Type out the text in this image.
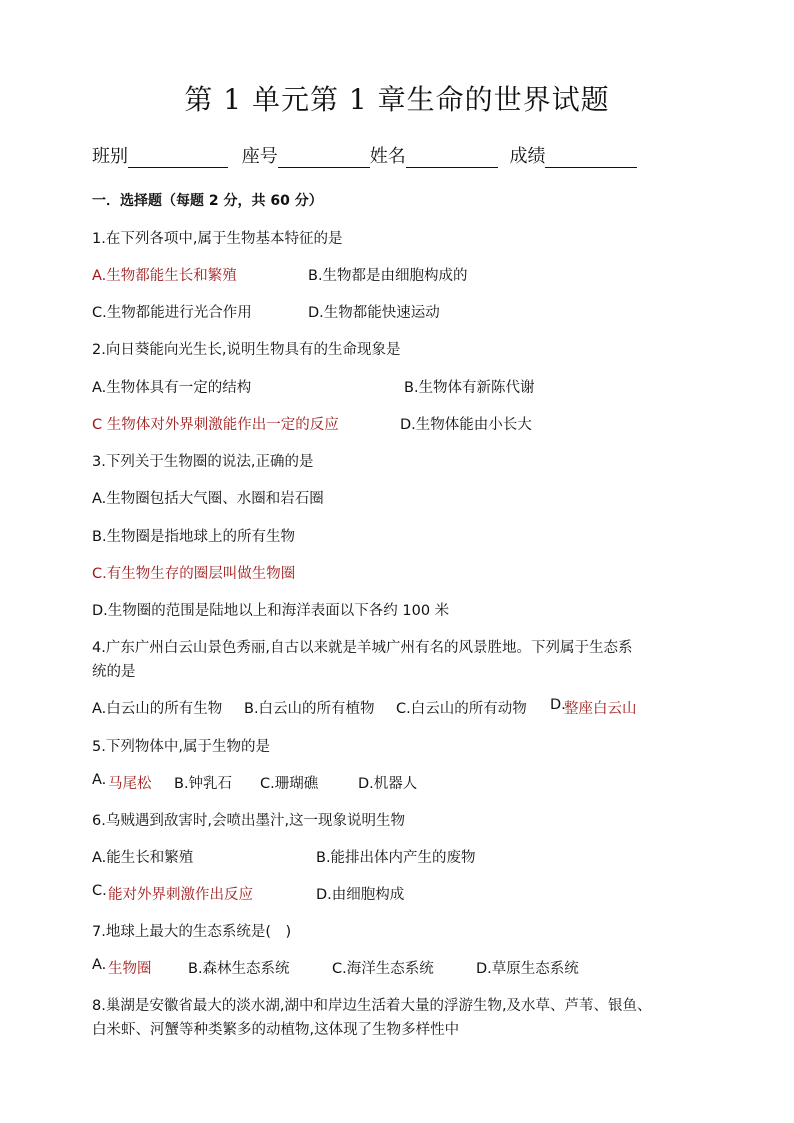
第 1 单元第 1 章生命的世界试题
班别	座号	姓名	成绩
一．选择题（每题 2 分，共 60 分）
1.在下列各项中,属于生物基本特征的是
A.生物都能生长和繁殖	B.生物都是由细胞构成的
C.生物都能进行光合作用	D.生物都能快速运动
2.向日葵能向光生长,说明生物具有的生命现象是
A.生物体具有一定的结构	B.生物体有新陈代谢
C 生物体对外界刺激能作出一定的反应	D.生物体能由小长大
3.下列关于生物圈的说法,正确的是
A.生物圈包括大气圈、水圈和岩石圈
B.生物圈是指地球上的所有生物
C.有生物生存的圈层叫做生物圈
D.生物圈的范围是陆地以上和海洋表面以下各约 100 米
4.广东广州白云山景色秀丽,自古以来就是羊城广州有名的风景胜地。下列属于生态系
统的是
A.白云山的所有生物 B.白云山的所有植物 C.白云山的所有动物 D.
整座白云山
5.下列物体中,属于生物的是
A. 马尾松 B.钟乳石 C.珊瑚礁	D.机器人
6.乌贼遇到敌害时,会喷出墨汁,这一现象说明生物
A.能生长和繁殖	B.能排出体内产生的废物
C. 能对外界刺激作出反应	D.由细胞构成
7.地球上最大的生态系统是(　)
A. 生物圈	B.森林生态系统	C.海洋生态系统	D.草原生态系统
8.巢湖是安徽省最大的淡水湖,湖中和岸边生活着大量的浮游生物,及水草、芦苇、银鱼、
白米虾、河蟹等种类繁多的动植物,这体现了生物多样性中
